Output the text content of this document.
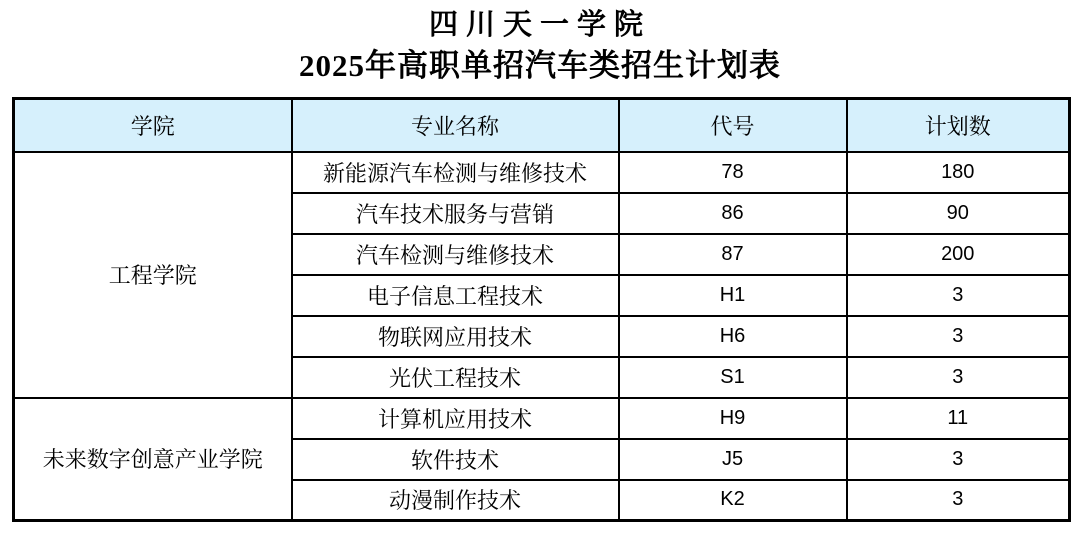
四川天一学院
2025年高职单招汽车类招生计划表
学院	专业名称	代号	计划数
工程学院	新能源汽车检测与维修技术	78	180
	汽车技术服务与营销	86	90
	汽车检测与维修技术	87	200
	电子信息工程技术	H1	3
	物联网应用技术	H6	3
	光伏工程技术	S1	3
未来数字创意产业学院	计算机应用技术	H9	11
	软件技术	J5	3
	动漫制作技术	K2	3
